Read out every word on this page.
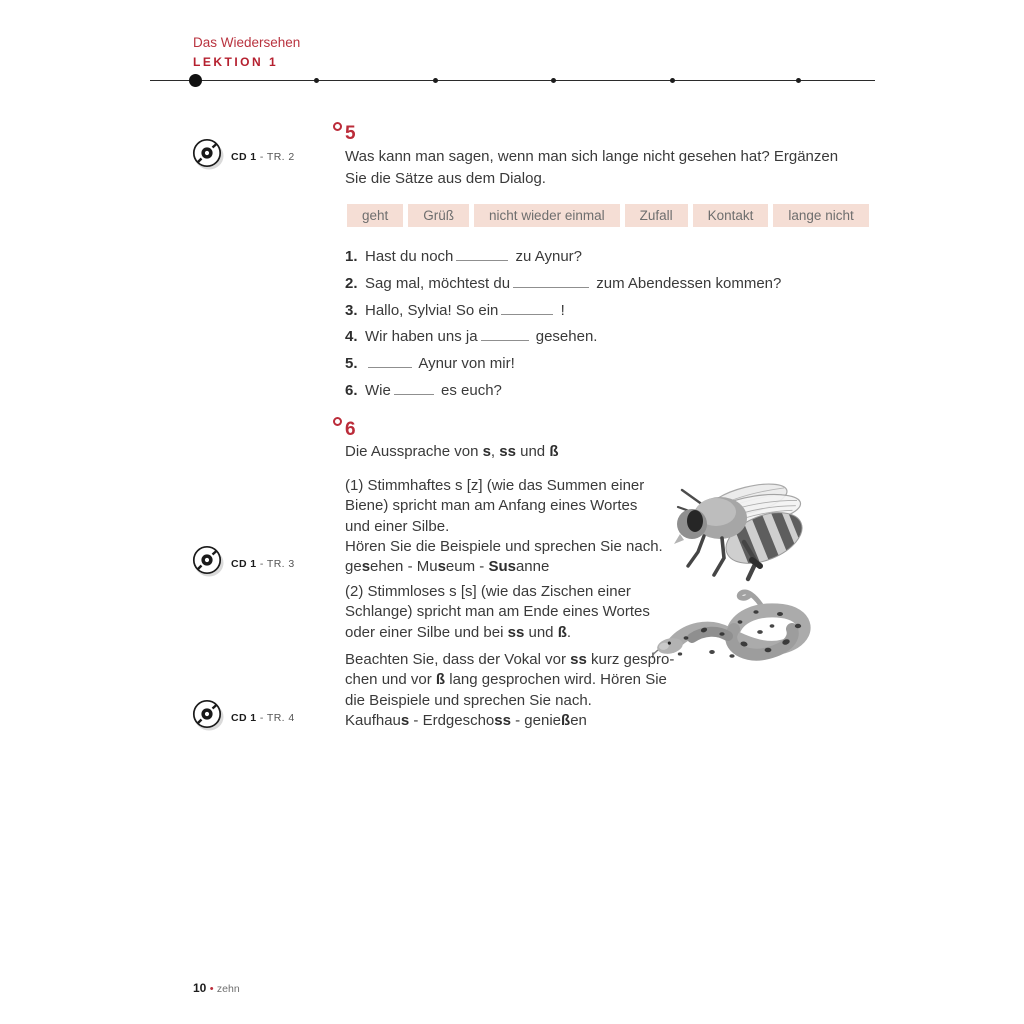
Das Wiedersehen
LEKTION 1
5
CD 1 - TR. 2	Was kann man sagen, wenn man sich lange nicht gesehen hat? Ergänzen
Sie die Sätze aus dem Dialog.
geht	Grüß	nicht wieder einmal	Zufall	Kontakt	lange nicht
1. Hast du noch	zu Aynur?
2. Sag mal, möchtest du	zum Abendessen kommen?
3. Hallo, Sylvia! So ein	!
4. Wir haben uns ja	gesehen.
5.	Aynur von mir!
6. Wie	es euch?
6
Die Aussprache von s, ss und ß
(1) Stimmhaftes s [z] (wie das Summen einer
Biene) spricht man am Anfang eines Wortes
und einer Silbe.
Hören Sie die Beispiele und sprechen Sie nach.
gesehen - Museum - Susanne
CD 1 - TR. 3
(2) Stimmloses s [s] (wie das Zischen einer
Schlange) spricht man am Ende eines Wortes
oder einer Silbe und bei ss und ß.
Beachten Sie, dass der Vokal vor ss kurz gespro-
chen und vor ß lang gesprochen wird. Hören Sie
die Beispiele und sprechen Sie nach.
Kaufhaus - Erdgeschoss - genießen
CD 1 - TR. 4
10 • zehn
